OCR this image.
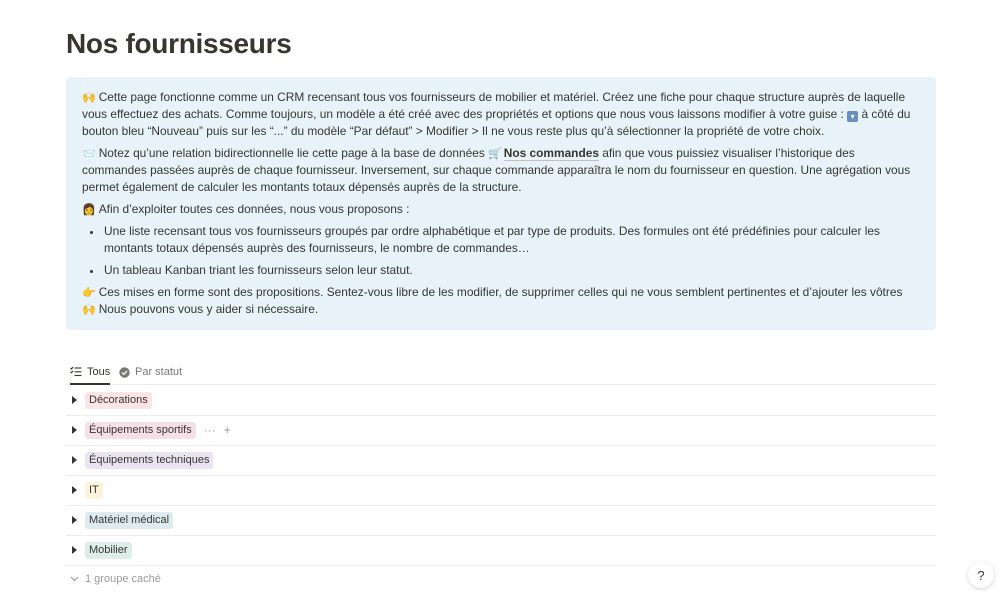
Nos fournisseurs

🙌 Cette page fonctionne comme un CRM recensant tous vos fournisseurs de mobilier et matériel. Créez une fiche pour chaque structure auprès de laquelle vous effectuez des achats. Comme toujours, un modèle a été créé avec des propriétés et options que nous vous laissons modifier à votre guise : ▾ à côté du bouton bleu “Nouveau” puis sur les “...” du modèle “Par défaut” > Modifier > Il ne vous reste plus qu’à sélectionner la propriété de votre choix.

📨 Notez qu’une relation bidirectionnelle lie cette page à la base de données 🛒 Nos commandes afin que vous puissiez visualiser l’historique des commandes passées auprès de chaque fournisseur. Inversement, sur chaque commande apparaîtra le nom du fournisseur en question. Une agrégation vous permet également de calculer les montants totaux dépensés auprès de la structure.

👩 Afin d’exploiter toutes ces données, nous vous proposons :

• Une liste recensant tous vos fournisseurs groupés par ordre alphabétique et par type de produits. Des formules ont été prédéfinies pour calculer les montants totaux dépensés auprès des fournisseurs, le nombre de commandes…
• Un tableau Kanban triant les fournisseurs selon leur statut.

👉 Ces mises en forme sont des propositions. Sentez-vous libre de les modifier, de supprimer celles qui ne vous semblent pertinentes et d’ajouter les vôtres 🙌 Nous pouvons vous y aider si nécessaire.

Tous Par statut
Décorations
Équipements sportifs	··· +
Équipements techniques
IT
Matériel médical
Mobilier
1 groupe caché	?
